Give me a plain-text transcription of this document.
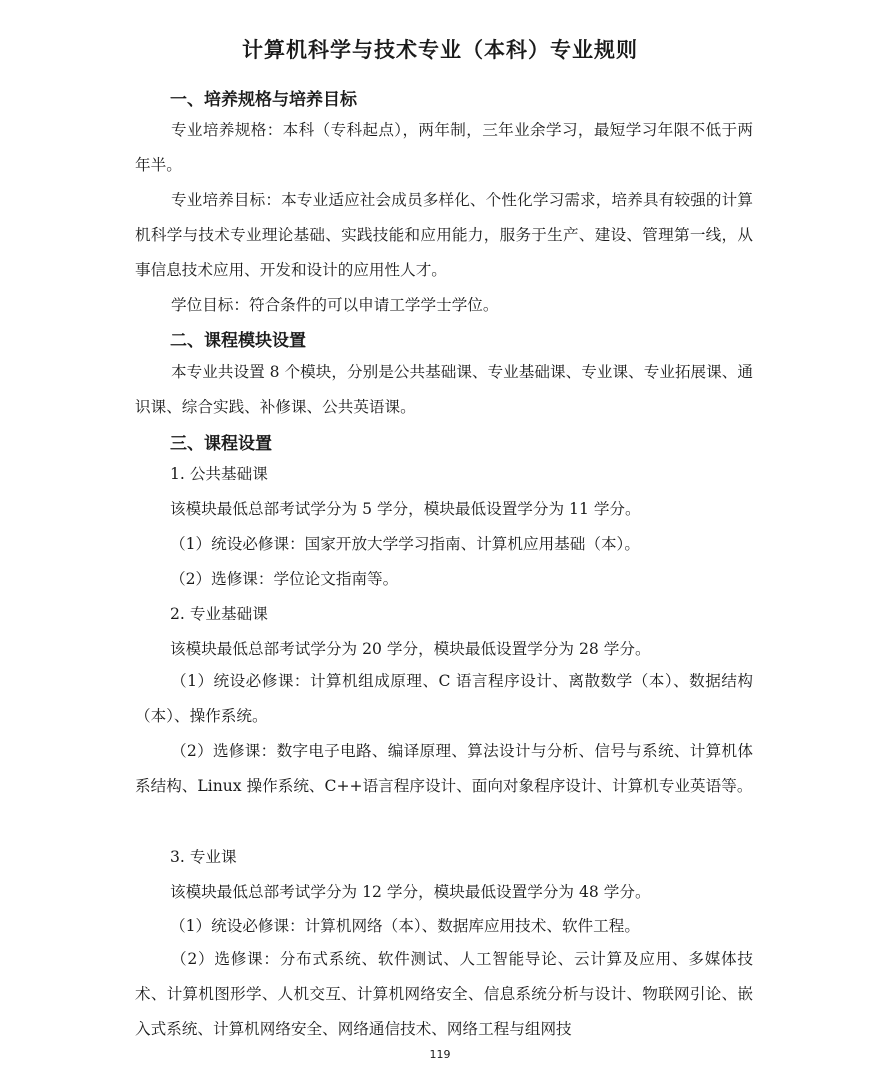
计算机科学与技术专业（本科）专业规则
一、培养规格与培养目标

专业培养规格：本科（专科起点），两年制，三年业余学习，最短学习年限不低于两年半。

专业培养目标：本专业适应社会成员多样化、个性化学习需求，培养具有较强的计算机科学与技术专业理论基础、实践技能和应用能力，服务于生产、建设、管理第一线，从事信息技术应用、开发和设计的应用性人才。

学位目标：符合条件的可以申请工学学士学位。

二、课程模块设置

本专业共设置 8 个模块，分别是公共基础课、专业基础课、专业课、专业拓展课、通识课、综合实践、补修课、公共英语课。

三、课程设置

1. 公共基础课

该模块最低总部考试学分为 5 学分，模块最低设置学分为 11 学分。

（1）统设必修课：国家开放大学学习指南、计算机应用基础（本）。

（2）选修课：学位论文指南等。

2. 专业基础课

该模块最低总部考试学分为 20 学分，模块最低设置学分为 28 学分。

（1）统设必修课：计算机组成原理、C 语言程序设计、离散数学（本）、数据结构（本）、操作系统。

（2）选修课：数字电子电路、编译原理、算法设计与分析、信号与系统、计算机体系结构、Linux 操作系统、C++语言程序设计、面向对象程序设计、计算机专业英语等。

3. 专业课

该模块最低总部考试学分为 12 学分，模块最低设置学分为 48 学分。

（1）统设必修课：计算机网络（本）、数据库应用技术、软件工程。

（2）选修课：分布式系统、软件测试、人工智能导论、云计算及应用、多媒体技术、计算机图形学、人机交互、计算机网络安全、信息系统分析与设计、物联网引论、嵌入式系统、计算机网络安全、网络通信技术、网络工程与组网技

119
